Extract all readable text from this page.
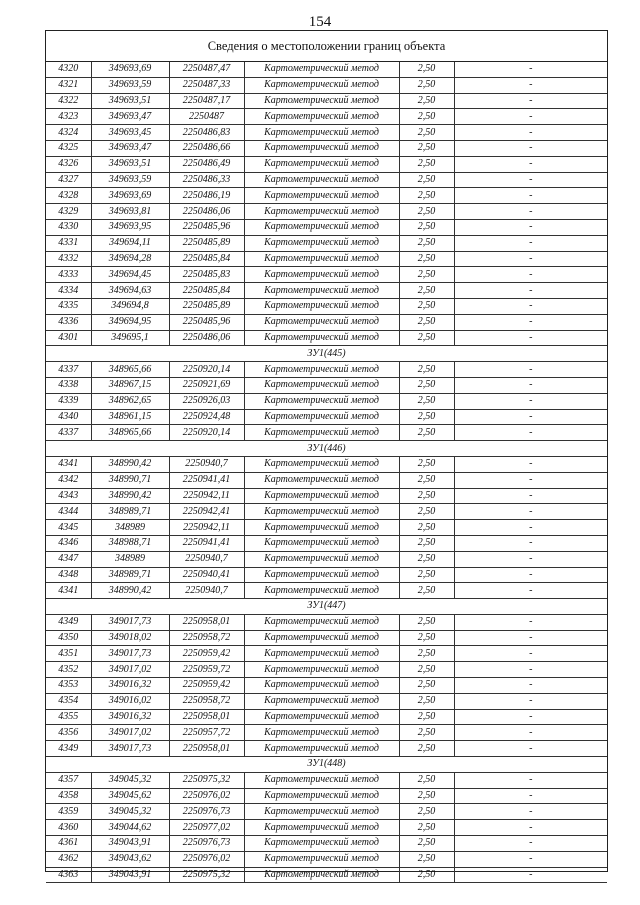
154
Сведения о местоположении границ объекта
4320	349693,69	2250487,47	Картометрический метод	2,50	-
4321	349693,59	2250487,33	Картометрический метод	2,50	-
4322	349693,51	2250487,17	Картометрический метод	2,50	-
4323	349693,47	2250487	Картометрический метод	2,50	-
4324	349693,45	2250486,83	Картометрический метод	2,50	-
4325	349693,47	2250486,66	Картометрический метод	2,50	-
4326	349693,51	2250486,49	Картометрический метод	2,50	-
4327	349693,59	2250486,33	Картометрический метод	2,50	-
4328	349693,69	2250486,19	Картометрический метод	2,50	-
4329	349693,81	2250486,06	Картометрический метод	2,50	-
4330	349693,95	2250485,96	Картометрический метод	2,50	-
4331	349694,11	2250485,89	Картометрический метод	2,50	-
4332	349694,28	2250485,84	Картометрический метод	2,50	-
4333	349694,45	2250485,83	Картометрический метод	2,50	-
4334	349694,63	2250485,84	Картометрический метод	2,50	-
4335	349694,8	2250485,89	Картометрический метод	2,50	-
4336	349694,95	2250485,96	Картометрический метод	2,50	-
4301	349695,1	2250486,06	Картометрический метод	2,50	-
ЗУ1(445)					
4337	348965,66	2250920,14	Картометрический метод	2,50	-
4338	348967,15	2250921,69	Картометрический метод	2,50	-
4339	348962,65	2250926,03	Картометрический метод	2,50	-
4340	348961,15	2250924,48	Картометрический метод	2,50	-
4337	348965,66	2250920,14	Картометрический метод	2,50	-
ЗУ1(446)					
4341	348990,42	2250940,7	Картометрический метод	2,50	-
4342	348990,71	2250941,41	Картометрический метод	2,50	-
4343	348990,42	2250942,11	Картометрический метод	2,50	-
4344	348989,71	2250942,41	Картометрический метод	2,50	-
4345	348989	2250942,11	Картометрический метод	2,50	-
4346	348988,71	2250941,41	Картометрический метод	2,50	-
4347	348989	2250940,7	Картометрический метод	2,50	-
4348	348989,71	2250940,41	Картометрический метод	2,50	-
4341	348990,42	2250940,7	Картометрический метод	2,50	-
ЗУ1(447)					
4349	349017,73	2250958,01	Картометрический метод	2,50	-
4350	349018,02	2250958,72	Картометрический метод	2,50	-
4351	349017,73	2250959,42	Картометрический метод	2,50	-
4352	349017,02	2250959,72	Картометрический метод	2,50	-
4353	349016,32	2250959,42	Картометрический метод	2,50	-
4354	349016,02	2250958,72	Картометрический метод	2,50	-
4355	349016,32	2250958,01	Картометрический метод	2,50	-
4356	349017,02	2250957,72	Картометрический метод	2,50	-
4349	349017,73	2250958,01	Картометрический метод	2,50	-
ЗУ1(448)					
4357	349045,32	2250975,32	Картометрический метод	2,50	-
4358	349045,62	2250976,02	Картометрический метод	2,50	-
4359	349045,32	2250976,73	Картометрический метод	2,50	-
4360	349044,62	2250977,02	Картометрический метод	2,50	-
4361	349043,91	2250976,73	Картометрический метод	2,50	-
4362	349043,62	2250976,02	Картометрический метод	2,50	-
4363	349043,91	2250975,32	Картометрический метод	2,50	-
